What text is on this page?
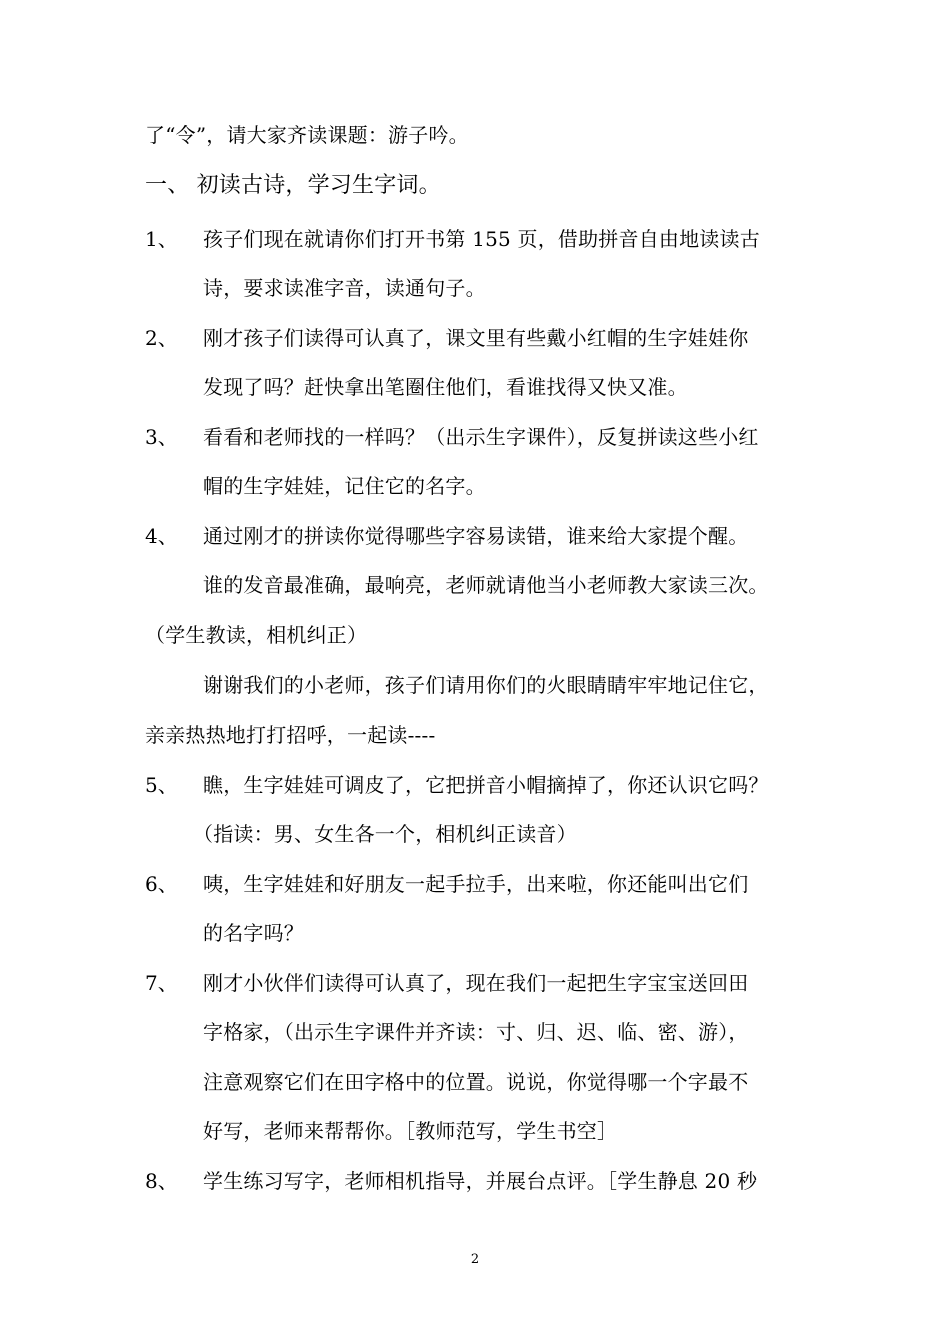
了“令”，请大家齐读课题：游子吟。
一、 初读古诗，学习生字词。
1、 孩子们现在就请你们打开书第 155 页，借助拼音自由地读读古
诗，要求读准字音，读通句子。
2、 刚才孩子们读得可认真了，课文里有些戴小红帽的生字娃娃你
发现了吗？赶快拿出笔圈住他们，看谁找得又快又准。
3、 看看和老师找的一样吗？（出示生字课件），反复拼读这些小红
帽的生字娃娃，记住它的名字。
4、 通过刚才的拼读你觉得哪些字容易读错，谁来给大家提个醒。
谁的发音最准确，最响亮，老师就请他当小老师教大家读三次。
（学生教读，相机纠正）
谢谢我们的小老师，孩子们请用你们的火眼睛睛牢牢地记住它，
亲亲热热地打打招呼，一起读----
5、 瞧，生字娃娃可调皮了，它把拼音小帽摘掉了，你还认识它吗？
（指读：男、女生各一个，相机纠正读音）
6、 咦，生字娃娃和好朋友一起手拉手，出来啦，你还能叫出它们
的名字吗？
7、 刚才小伙伴们读得可认真了，现在我们一起把生字宝宝送回田
字格家，（出示生字课件并齐读：寸、归、迟、临、密、游），
注意观察它们在田字格中的位置。说说，你觉得哪一个字最不
好写，老师来帮帮你。［教师范写，学生书空］
8、 学生练习写字，老师相机指导，并展台点评。［学生静息 20 秒
2
